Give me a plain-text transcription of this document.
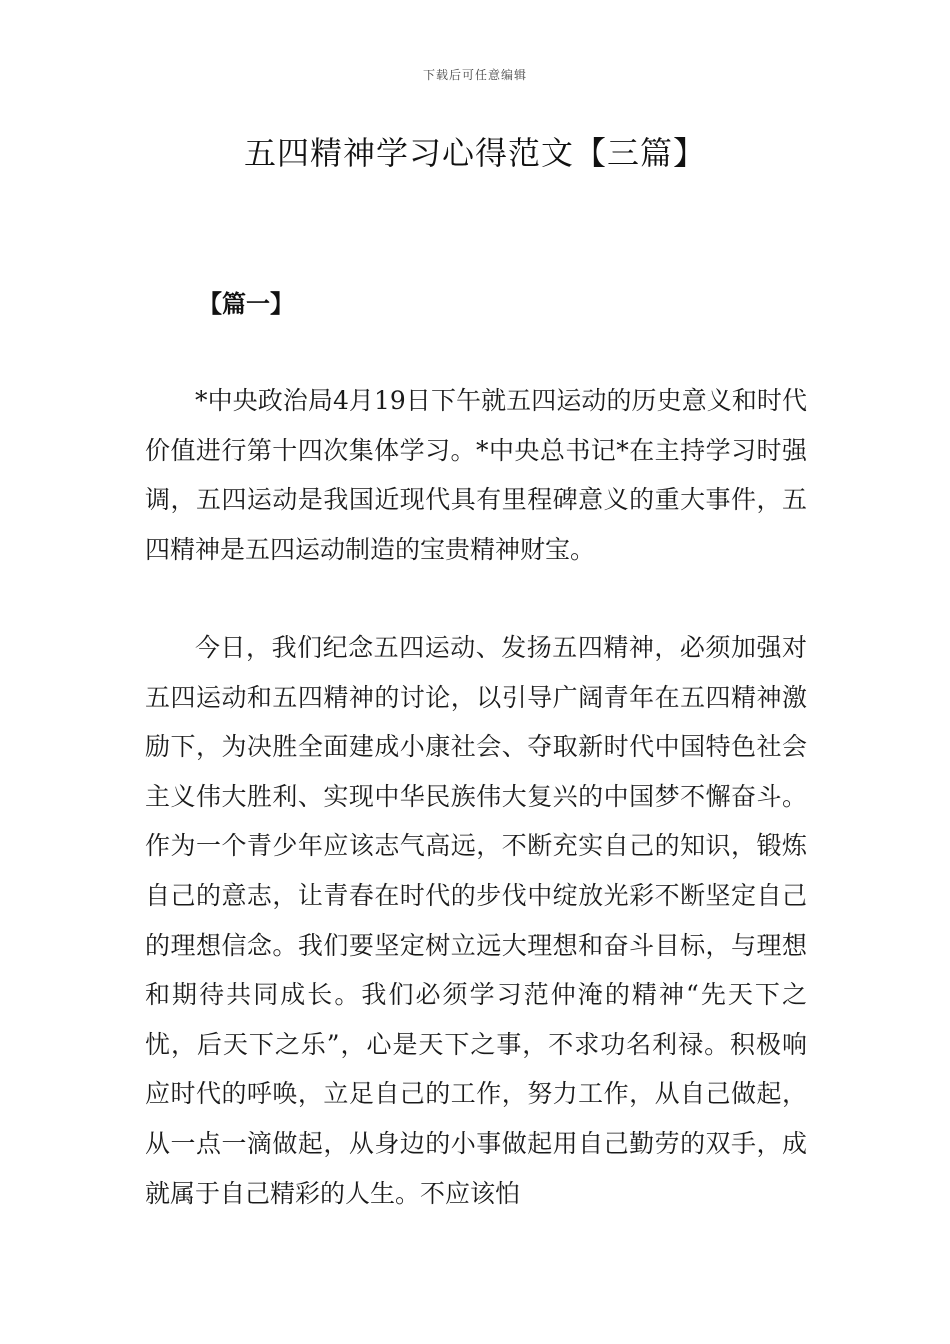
下载后可任意编辑
五四精神学习心得范文【三篇】
【篇一】

*中央政治局4月19日下午就五四运动的历史意义和时代价值进行第十四次集体学习。*中央总书记*在主持学习时强调，五四运动是我国近现代具有里程碑意义的重大事件，五四精神是五四运动制造的宝贵精神财宝。

今日，我们纪念五四运动、发扬五四精神，必须加强对五四运动和五四精神的讨论，以引导广阔青年在五四精神激励下，为决胜全面建成小康社会、夺取新时代中国特色社会主义伟大胜利、实现中华民族伟大复兴的中国梦不懈奋斗。作为一个青少年应该志气高远，不断充实自己的知识，锻炼自己的意志，让青春在时代的步伐中绽放光彩不断坚定自己的理想信念。我们要坚定树立远大理想和奋斗目标，与理想和期待共同成长。我们必须学习范仲淹的精神“先天下之忧，后天下之乐”，心是天下之事，不求功名利禄。积极响应时代的呼唤，立足自己的工作，努力工作，从自己做起，从一点一滴做起，从身边的小事做起用自己勤劳的双手，成就属于自己精彩的人生。不应该怕
